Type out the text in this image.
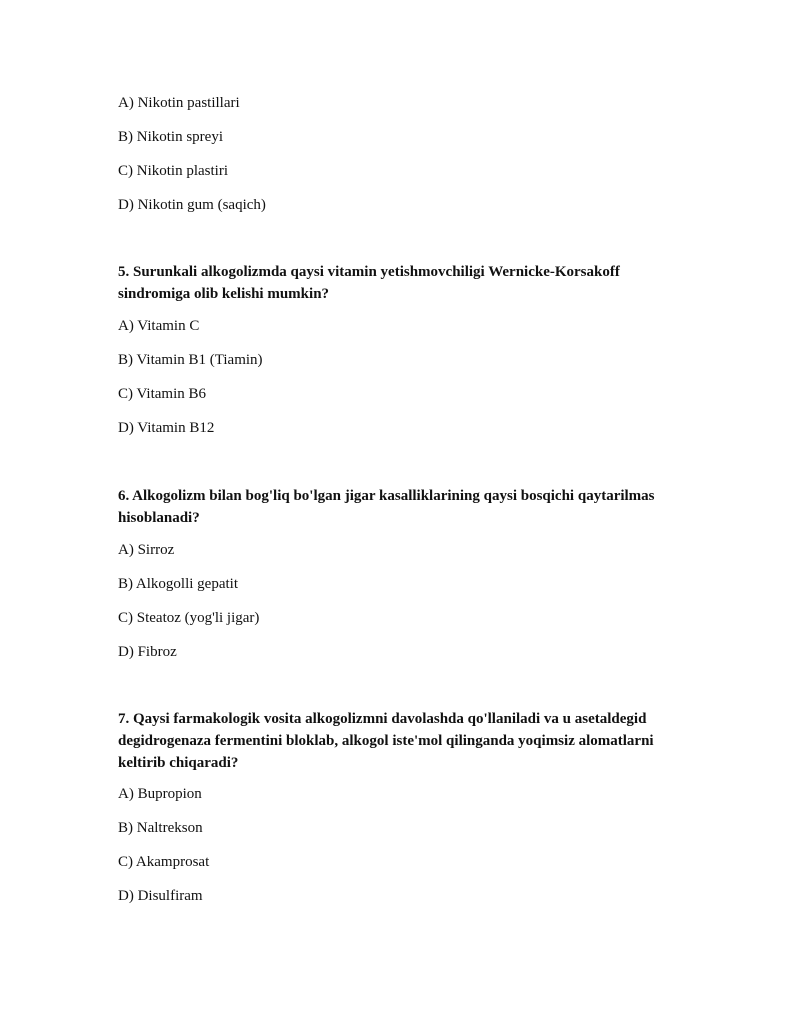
A) Nikotin pastillari
B) Nikotin spreyi
C) Nikotin plastiri
D) Nikotin gum (saqich)
5. Surunkali alkogolizmda qaysi vitamin yetishmovchiligi Wernicke-Korsakoff
sindromiga olib kelishi mumkin?
A) Vitamin C
B) Vitamin B1 (Tiamin)
C) Vitamin B6
D) Vitamin B12
6. Alkogolizm bilan bog'liq bo'lgan jigar kasalliklarining qaysi bosqichi qaytarilmas
hisoblanadi?
A) Sirroz
B) Alkogolli gepatit
C) Steatoz (yog'li jigar)
D) Fibroz
7. Qaysi farmakologik vosita alkogolizmni davolashda qo'llaniladi va u asetaldegid
degidrogenaza fermentini bloklab, alkogol iste'mol qilinganda yoqimsiz alomatlarni
keltirib chiqaradi?
A) Bupropion
B) Naltrekson
C) Akamprosat
D) Disulfiram
